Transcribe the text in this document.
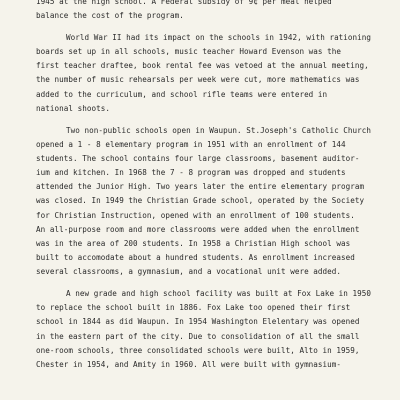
1945 at the high school. A Federal subsidy of 9¢ per meal helped
balance the cost of the program.
World War II had its impact on the schools in 1942, with rationing
boards set up in all schools, music teacher Howard Evenson was the
first teacher draftee, book rental fee was vetoed at the annual meeting,
the number of music rehearsals per week were cut, more mathematics was
added to the curriculum, and school rifle teams were entered in
national shoots.
Two non-public schools open in Waupun. St.Joseph's Catholic Church
opened a 1 - 8 elementary program in 1951 with an enrollment of 144
students. The school contains four large classrooms, basement auditor-
ium and kitchen. In 1968 the 7 - 8 program was dropped and students
attended the Junior High. Two years later the entire elementary program
was closed. In 1949 the Christian Grade school, operated by the Society
for Christian Instruction, opened with an enrollment of 100 students.
An all-purpose room and more classrooms were added when the enrollment
was in the area of 200 students. In 1958 a Christian High school was
built to accomodate about a hundred students. As enrollment increased
several classrooms, a gymnasium, and a vocational unit were added.
A new grade and high school facility was built at Fox Lake in 1950
to replace the school built in 1886. Fox Lake too opened their first
school in 1844 as did Waupun. In 1954 Washington Elelentary was opened
in the eastern part of the city. Due to consolidation of all the small
one-room schools, three consolidated schools were built, Alto in 1959,
Chester in 1954, and Amity in 1960. All were built with gymnasium-
